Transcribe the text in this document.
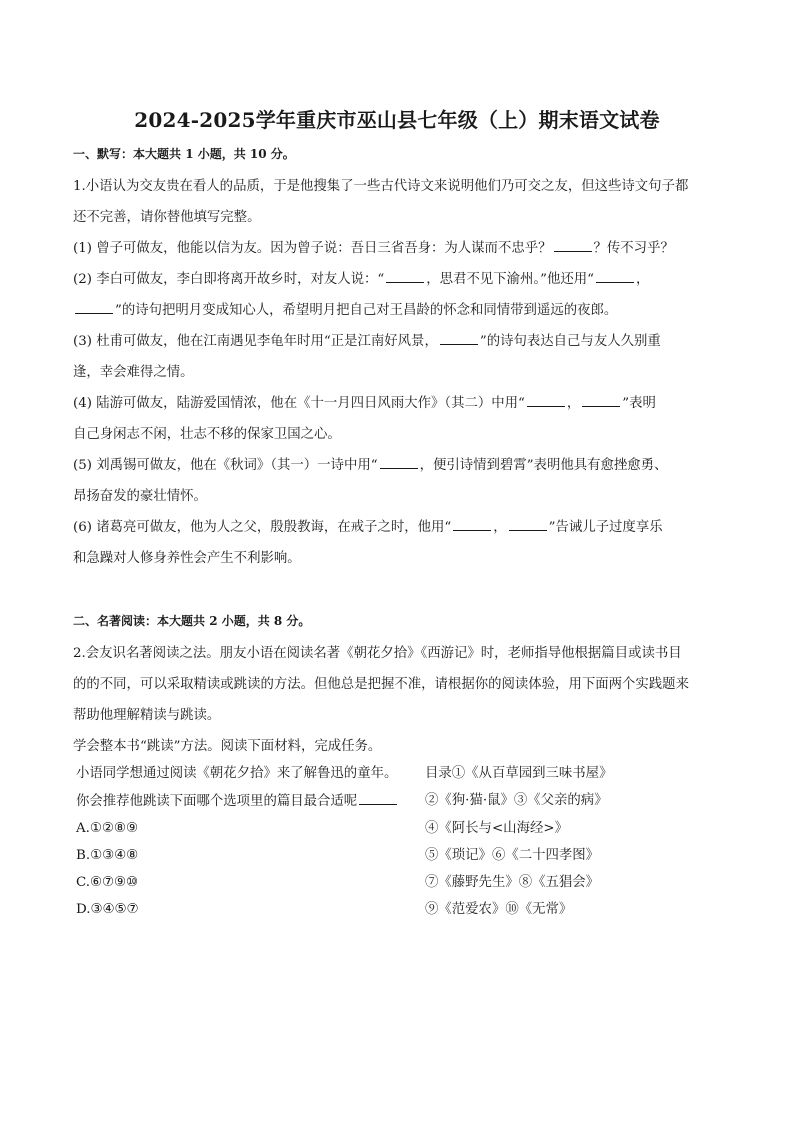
2024-2025学年重庆市巫山县七年级（上）期末语文试卷
一、默写：本大题共 1 小题，共 10 分。
1.小语认为交友贵在看人的品质，于是他搜集了一些古代诗文来说明他们乃可交之友，但这些诗文句子都
还不完善，请你替他填写完整。
(1) 曾子可做友，他能以信为友。因为曾子说：吾日三省吾身：为人谋而不忠乎？	？传不习乎？
(2) 李白可做友，李白即将离开故乡时，对友人说：“	，思君不见下渝州。”他还用“	，
”的诗句把明月变成知心人，希望明月把自己对王昌龄的怀念和同情带到遥远的夜郎。
(3) 杜甫可做友，他在江南遇见李龟年时用“正是江南好风景，	”的诗句表达自己与友人久别重
逢，幸会难得之情。
(4) 陆游可做友，陆游爱国情浓，他在《十一月四日风雨大作》（其二）中用“	，	”表明
自己身闲志不闲，壮志不移的保家卫国之心。
(5) 刘禹锡可做友，他在《秋词》（其一）一诗中用“	，便引诗情到碧霄”表明他具有愈挫愈勇、
昂扬奋发的豪壮情怀。
(6) 诸葛亮可做友，他为人之父，殷殷教诲，在戒子之时，他用“	，	”告诫儿子过度享乐
和急躁对人修身养性会产生不利影响。
二、名著阅读：本大题共 2 小题，共 8 分。
2.会友识名著阅读之法。朋友小语在阅读名著《朝花夕拾》《西游记》时，老师指导他根据篇目或读书目
的的不同，可以采取精读或跳读的方法。但他总是把握不准，请根据你的阅读体验，用下面两个实践题来
帮助他理解精读与跳读。
学会整本书“跳读”方法。阅读下面材料，完成任务。
小语同学想通过阅读《朝花夕拾》来了解鲁迅的童年。
你会推荐他跳读下面哪个选项里的篇目最合适呢
A.①②⑧⑨
B.①③④⑧
C.⑥⑦⑨⑩
D.③④⑤⑦
目录①《从百草园到三味书屋》
②《狗·猫·鼠》③《父亲的病》
④《阿长与<山海经>》
⑤《琐记》⑥《二十四孝图》
⑦《藤野先生》⑧《五猖会》
⑨《范爱农》⑩《无常》
